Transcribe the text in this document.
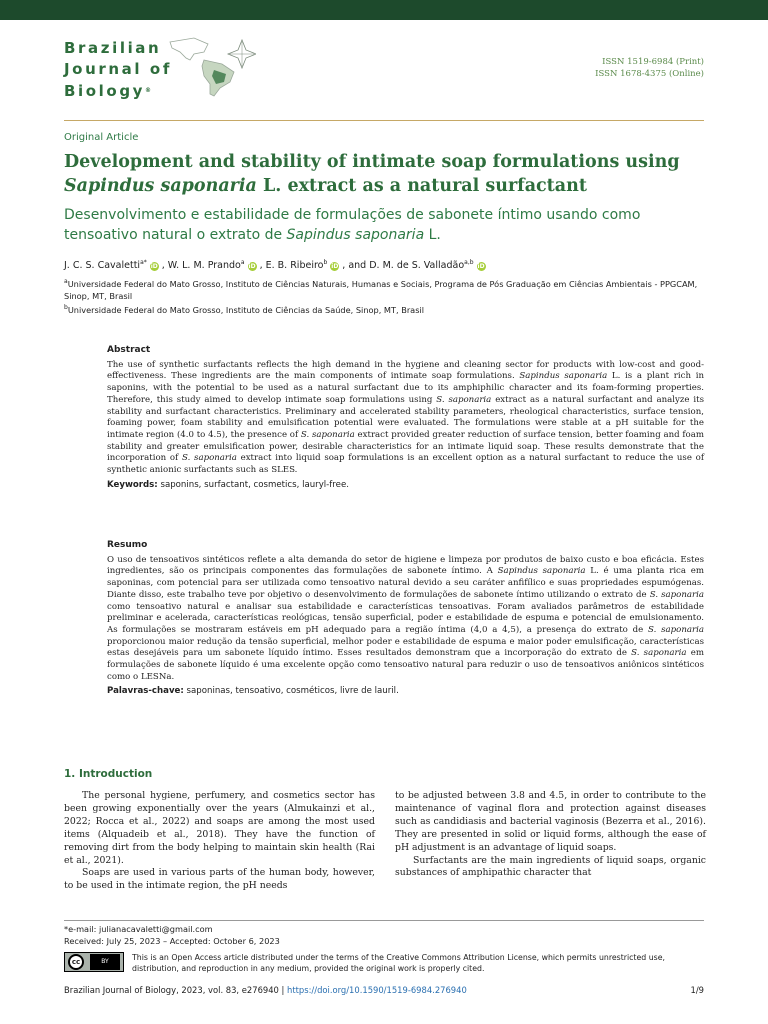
Brazilian
Journal of
Biology®
ISSN 1519-6984 (Print)
ISSN 1678-4375 (Online)
Original Article
Development and stability of intimate soap formulations using Sapindus saponaria L. extract as a natural surfactant
Desenvolvimento e estabilidade de formulações de sabonete íntimo usando como tensoativo natural o extrato de Sapindus saponaria L.
J. C. S. Cavaletti$^{a*}$iD , W. L. M. Prando$^a$iD , E. B. Ribeiro$^b$iD , and D. M. de S. Valladão$^{a,b}$iD
$^a$Universidade Federal do Mato Grosso, Instituto de Ciências Naturais, Humanas e Sociais, Programa de Pós Graduação em Ciências Ambientais - PPGCAM, Sinop, MT, Brasil
$^b$Universidade Federal do Mato Grosso, Instituto de Ciências da Saúde, Sinop, MT, Brasil
Abstract
The use of synthetic surfactants reflects the high demand in the hygiene and cleaning sector for products with low-cost and good-effectiveness. These ingredients are the main components of intimate soap formulations. Sapindus saponaria L. is a plant rich in saponins, with the potential to be used as a natural surfactant due to its amphiphilic character and its foam-forming properties. Therefore, this study aimed to develop intimate soap formulations using S. saponaria extract as a natural surfactant and analyze its stability and surfactant characteristics. Preliminary and accelerated stability parameters, rheological characteristics, surface tension, foaming power, foam stability and emulsification potential were evaluated. The formulations were stable at a pH suitable for the intimate region (4.0 to 4.5), the presence of S. saponaria extract provided greater reduction of surface tension, better foaming and foam stability and greater emulsification power, desirable characteristics for an intimate liquid soap. These results demonstrate that the incorporation of S. saponaria extract into liquid soap formulations is an excellent option as a natural surfactant to reduce the use of synthetic anionic surfactants such as SLES.
Keywords: saponins, surfactant, cosmetics, lauryl-free.
Resumo
O uso de tensoativos sintéticos reflete a alta demanda do setor de higiene e limpeza por produtos de baixo custo e boa eficácia. Estes ingredientes, são os principais componentes das formulações de sabonete íntimo. A Sapindus saponaria L. é uma planta rica em saponinas, com potencial para ser utilizada como tensoativo natural devido a seu caráter anfifílico e suas propriedades espumógenas. Diante disso, este trabalho teve por objetivo o desenvolvimento de formulações de sabonete íntimo utilizando o extrato de S. saponaria como tensoativo natural e analisar sua estabilidade e características tensoativas. Foram avaliados parâmetros de estabilidade preliminar e acelerada, características reológicas, tensão superficial, poder e estabilidade de espuma e potencial de emulsionamento. As formulações se mostraram estáveis em pH adequado para a região íntima (4,0 a 4,5), a presença do extrato de S. saponaria proporcionou maior redução da tensão superficial, melhor poder e estabilidade de espuma e maior poder emulsificação, características estas desejáveis para um sabonete líquido íntimo. Esses resultados demonstram que a incorporação do extrato de S. saponaria em formulações de sabonete líquido é uma excelente opção como tensoativo natural para reduzir o uso de tensoativos aniônicos sintéticos como o LESNa.
Palavras-chave: saponinas, tensoativo, cosméticos, livre de lauril.
1. Introduction

The personal hygiene, perfumery, and cosmetics sector has been growing exponentially over the years (Almukainzi et al., 2022; Rocca et al., 2022) and soaps are among the most used items (Alquadeib et al., 2018). They have the function of removing dirt from the body helping to maintain skin health (Rai et al., 2021).

Soaps are used in various parts of the human body, however, to be used in the intimate region, the pH needs

to be adjusted between 3.8 and 4.5, in order to contribute to the maintenance of vaginal flora and protection against diseases such as candidiasis and bacterial vaginosis (Bezerra et al., 2016). They are presented in solid or liquid forms, although the ease of pH adjustment is an advantage of liquid soaps.

Surfactants are the main ingredients of liquid soaps, organic substances of amphipathic character that

*e-mail: julianacavaletti@gmail.com
Received: July 25, 2023 – Accepted: October 6, 2023
cc	BY	This is an Open Access article distributed under the terms of the Creative Commons Attribution License, which permits unrestricted use, distribution, and reproduction in any medium, provided the original work is properly cited.
Brazilian Journal of Biology, 2023, vol. 83, e276940 | https://doi.org/10.1590/1519-6984.276940	1/9
